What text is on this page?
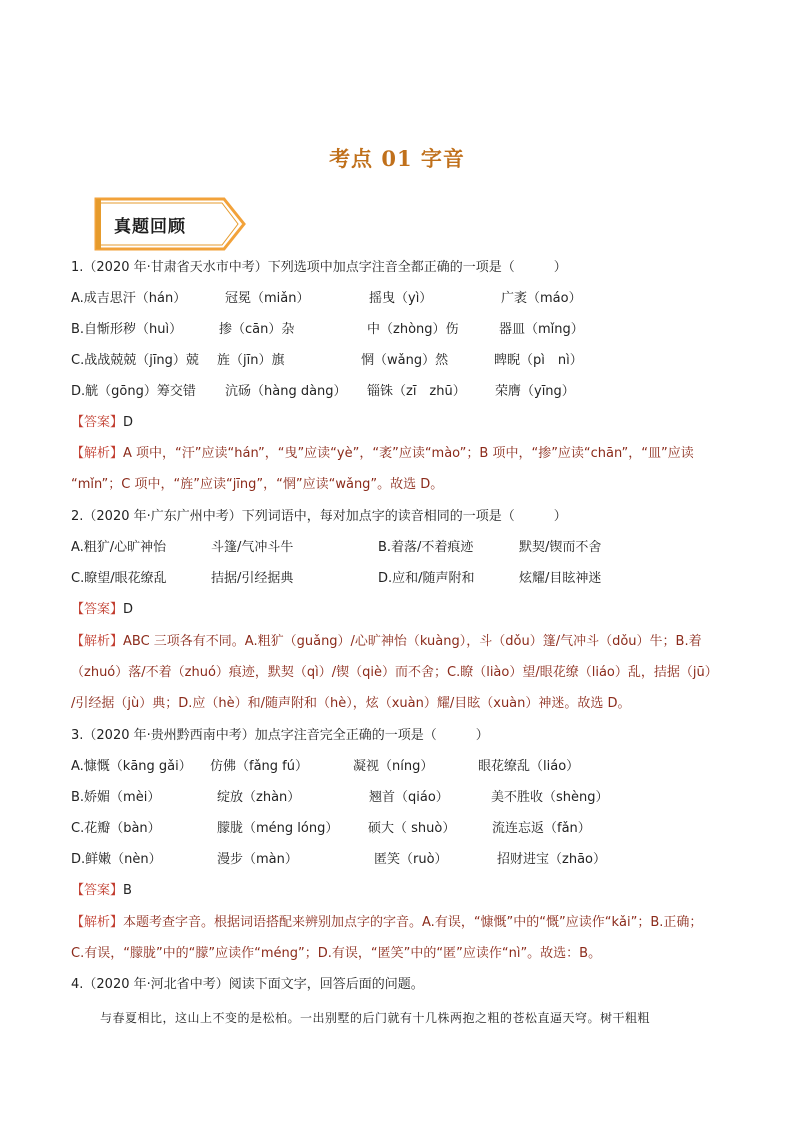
考点 01 字音
真题回顾
1.（2020 年·甘肃省天水市中考）下列选项中加点字注音全都正确的一项是（　　　）
A.成吉思汗（hán）	冠冕（miǎn）	摇曳（yì）	广袤（máo）
B.自惭形秽（huì）	掺（cān）杂	中（zhòng）伤	器皿（mǐng）
C.战战兢兢（jīng）兢 旌（jīn）旗	惘（wǎng）然	睥睨（pì　nì）
D.觥（gōng）筹交错 沆砀（hàng dàng） 锱铢（zī　zhū） 荣膺（yīng）
【答案】D
【解析】A 项中，“汗”应读“hán”，“曳”应读“yè”，“袤”应读“mào”；B 项中，“掺”应读“chān”，“皿”应读
“mǐn”；C 项中，“旌”应读“jīng”，“惘”应读“wǎng”。故选 D。
2.（2020 年·广东广州中考）下列词语中，每对加点字的读音相同的一项是（　　　）
A.粗犷/心旷神怡	斗篷/气冲斗牛	B.着落/不着痕迹	默契/锲而不舍
C.瞭望/眼花缭乱	拮据/引经据典	D.应和/随声附和	炫耀/目眩神迷
【答案】D
【解析】ABC 三项各有不同。A.粗犷（guǎng）/心旷神怡（kuàng），斗（dǒu）篷/气冲斗（dǒu）牛；B.着
（zhuó）落/不着（zhuó）痕迹，默契（qì）/锲（qiè）而不舍；C.瞭（liào）望/眼花缭（liáo）乱，拮据（jū）
/引经据（jù）典；D.应（hè）和/随声附和（hè），炫（xuàn）耀/目眩（xuàn）神迷。故选 D。
3.（2020 年·贵州黔西南中考）加点字注音完全正确的一项是（　　　）
A.慷慨（kāng gǎi） 仿佛（fǎng fú）	凝视（níng）	眼花缭乱（liáo）
B.娇媚（mèi）	绽放（zhàn）	翘首（qiáo）	美不胜收（shèng）
C.花瓣（bàn）	朦胧（méng lóng） 硕大（ shuò）	流连忘返（fǎn）
D.鲜嫩（nèn）	漫步（màn）	匿笑（ruò）	招财进宝（zhāo）
【答案】B
【解析】本题考查字音。根据词语搭配来辨别加点字的字音。A.有误，“慷慨”中的“慨”应读作“kǎi”；B.正确；
C.有误，“朦胧”中的“朦”应读作“méng”；D.有误，“匿笑”中的“匿”应读作“nì”。故选：B。
4.（2020 年·河北省中考）阅读下面文字，回答后面的问题。
与春夏相比，这山上不变的是松柏。一出别墅的后门就有十几株两抱之粗的苍松直逼天穹。树干粗粗
